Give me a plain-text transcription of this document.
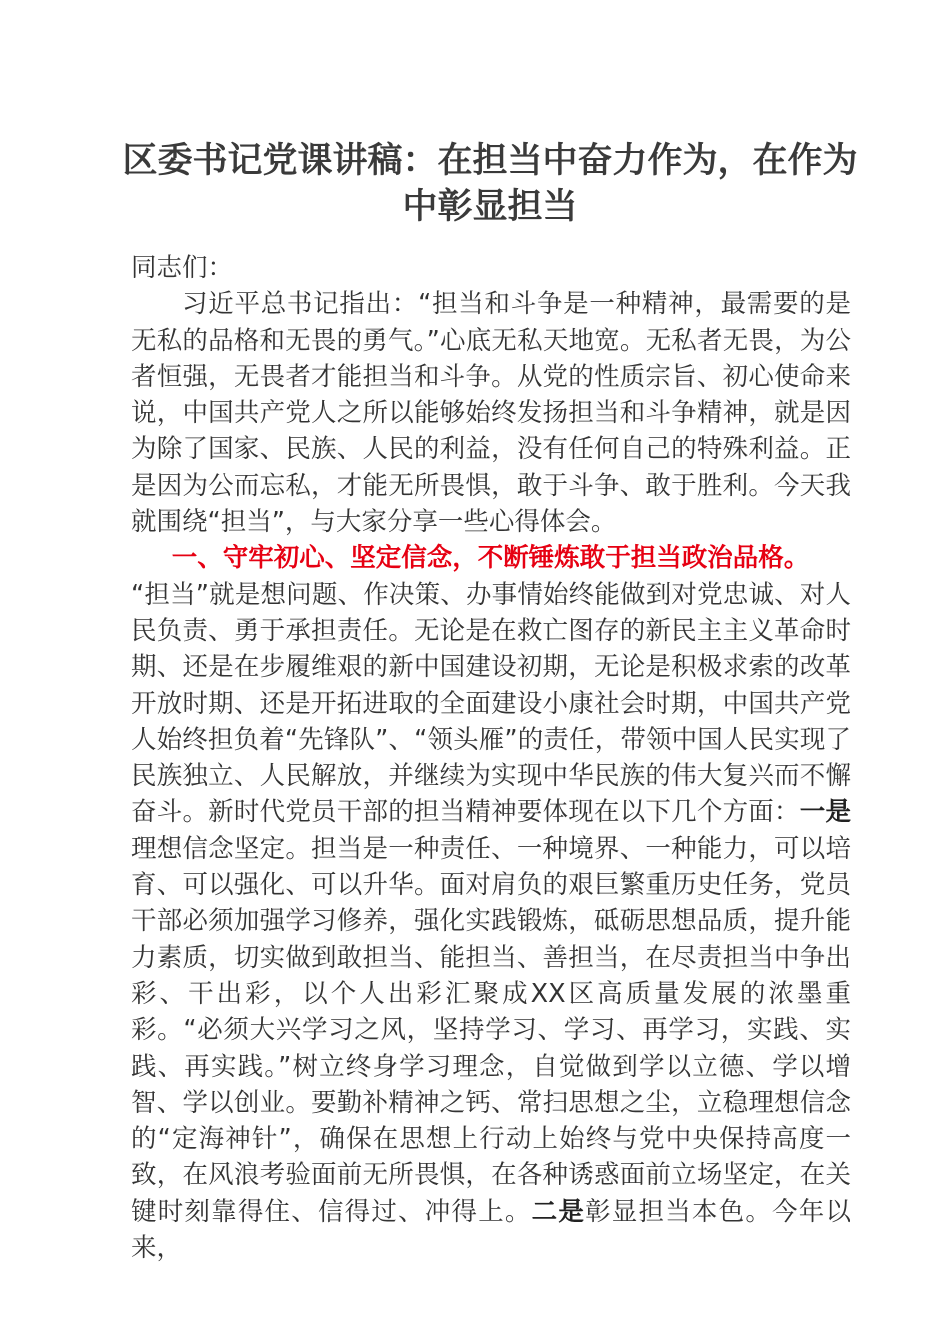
区委书记党课讲稿：在担当中奋力作为，在作为中彰显担当

同志们：

习近平总书记指出：“担当和斗争是一种精神，最需要的是无私的品格和无畏的勇气。”心底无私天地宽。无私者无畏，为公者恒强，无畏者才能担当和斗争。从党的性质宗旨、初心使命来说，中国共产党人之所以能够始终发扬担当和斗争精神，就是因为除了国家、民族、人民的利益，没有任何自己的特殊利益。正是因为公而忘私，才能无所畏惧，敢于斗争、敢于胜利。今天我就围绕“担当”，与大家分享一些心得体会。

一、守牢初心、坚定信念，不断锤炼敢于担当政治品格。

“担当”就是想问题、作决策、办事情始终能做到对党忠诚、对人民负责、勇于承担责任。无论是在救亡图存的新民主主义革命时期、还是在步履维艰的新中国建设初期，无论是积极求索的改革开放时期、还是开拓进取的全面建设小康社会时期，中国共产党人始终担负着“先锋队”、“领头雁”的责任，带领中国人民实现了民族独立、人民解放，并继续为实现中华民族的伟大复兴而不懈奋斗。新时代党员干部的担当精神要体现在以下几个方面：一是理想信念坚定。担当是一种责任、一种境界、一种能力，可以培育、可以强化、可以升华。面对肩负的艰巨繁重历史任务，党员干部必须加强学习修养，强化实践锻炼，砥砺思想品质，提升能力素质，切实做到敢担当、能担当、善担当，在尽责担当中争出彩、干出彩，以个人出彩汇聚成XX区高质量发展的浓墨重彩。“必须大兴学习之风，坚持学习、学习、再学习，实践、实践、再实践。”树立终身学习理念，自觉做到学以立德、学以增智、学以创业。要勤补精神之钙、常扫思想之尘，立稳理想信念的“定海神针”，确保在思想上行动上始终与党中央保持高度一致，在风浪考验面前无所畏惧，在各种诱惑面前立场坚定，在关键时刻靠得住、信得过、冲得上。二是彰显担当本色。今年以来，
